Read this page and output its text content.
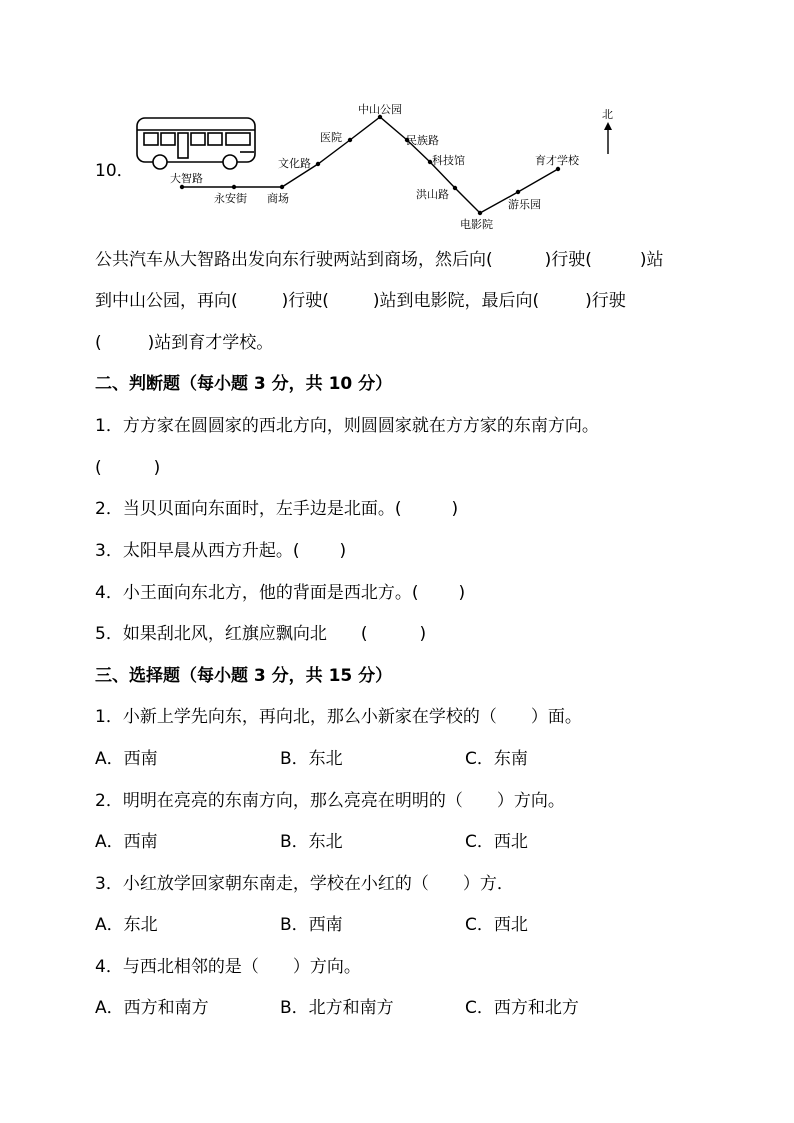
10．	大智路
永安街 商场
文化路
医院
中山公园
民族路
科技馆
洪山路
电影院
游乐园
育才学校
北
公共汽车从大智路出发向东行驶两站到商场，然后向(	)行驶(	)站
到中山公园，再向(	)行驶(	)站到电影院，最后向(	)行驶
(	)站到育才学校。
二、判断题（每小题 3 分，共 10 分）
1．方方家在圆圆家的西北方向，则圆圆家就在方方家的东南方向。
(	)
2．当贝贝面向东面时，左手边是北面。(	)
3．太阳早晨从西方升起。( )
4．小王面向东北方，他的背面是西北方。( )
5．如果刮北风，红旗应飘向北 (	)
三、选择题（每小题 3 分，共 15 分）
1．小新上学先向东，再向北，那么小新家在学校的（ ）面。
A．西南	B．东北	C．东南
2．明明在亮亮的东南方向，那么亮亮在明明的（ ）方向。
A．西南	B．东北	C．西北
3．小红放学回家朝东南走，学校在小红的（ ）方．
A．东北	B．西南	C．西北
4．与西北相邻的是（ ）方向。
A．西方和南方	B．北方和南方	C．西方和北方
